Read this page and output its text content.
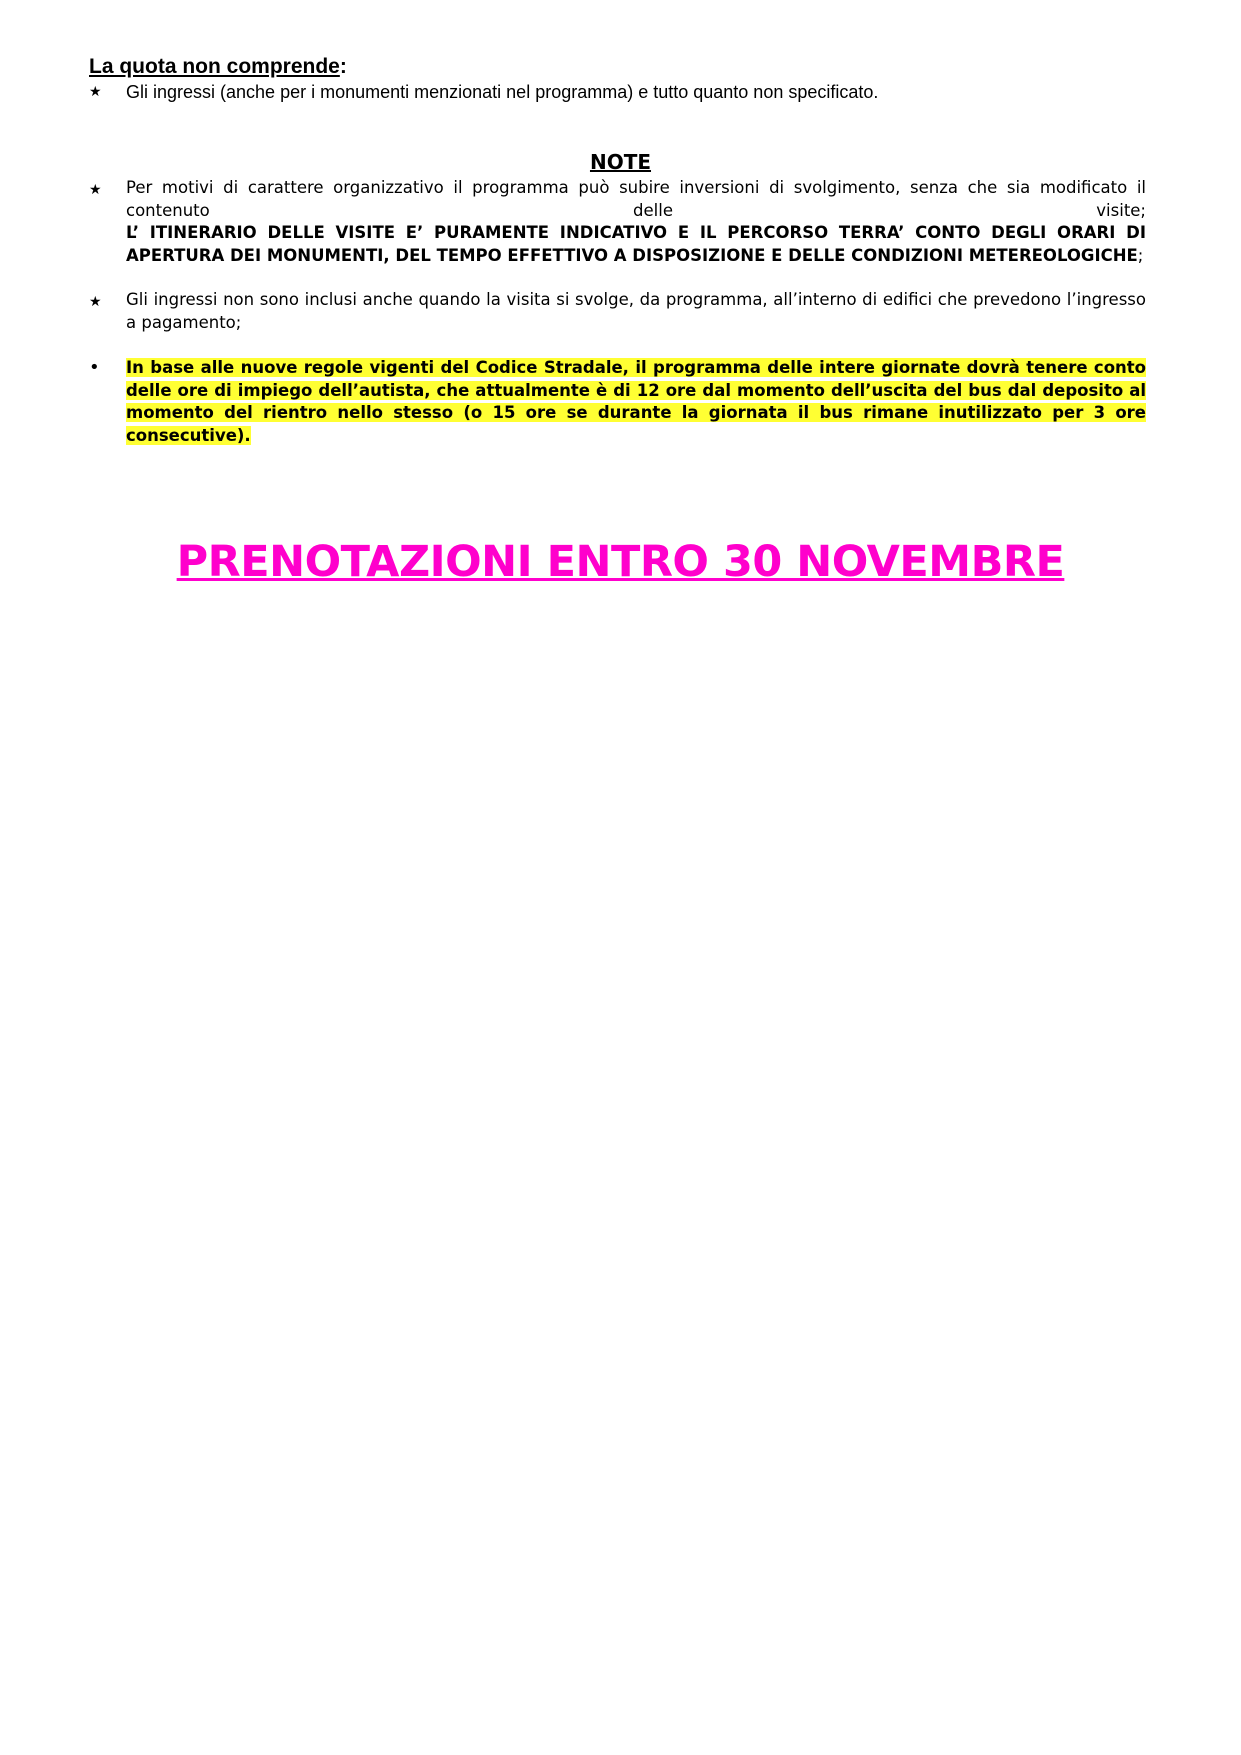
La quota non comprende:
★	Gli ingressi (anche per i monumenti menzionati nel programma) e tutto quanto non specificato.
NOTE
★	Per motivi di carattere organizzativo il programma può subire inversioni di svolgimento, senza che sia modificato il
contenuto delle visite;
L’ ITINERARIO DELLE VISITE E’ PURAMENTE INDICATIVO E IL PERCORSO TERRA’ CONTO DEGLI ORARI DI APERTURA DEI MONUMENTI, DEL TEMPO EFFETTIVO A DISPOSIZIONE E DELLE CONDIZIONI METEREOLOGICHE;
★	Gli ingressi non sono inclusi anche quando la visita si svolge, da programma, all’interno di edifici che prevedono l’ingresso a pagamento;
• In base alle nuove regole vigenti del Codice Stradale, il programma delle intere giornate dovrà tenere conto delle ore di impiego dell’autista, che attualmente è di 12 ore dal momento dell’uscita del bus dal deposito al momento del rientro nello stesso (o 15 ore se durante la giornata il bus rimane inutilizzato per 3 ore consecutive).
PRENOTAZIONI ENTRO 30 NOVEMBRE
